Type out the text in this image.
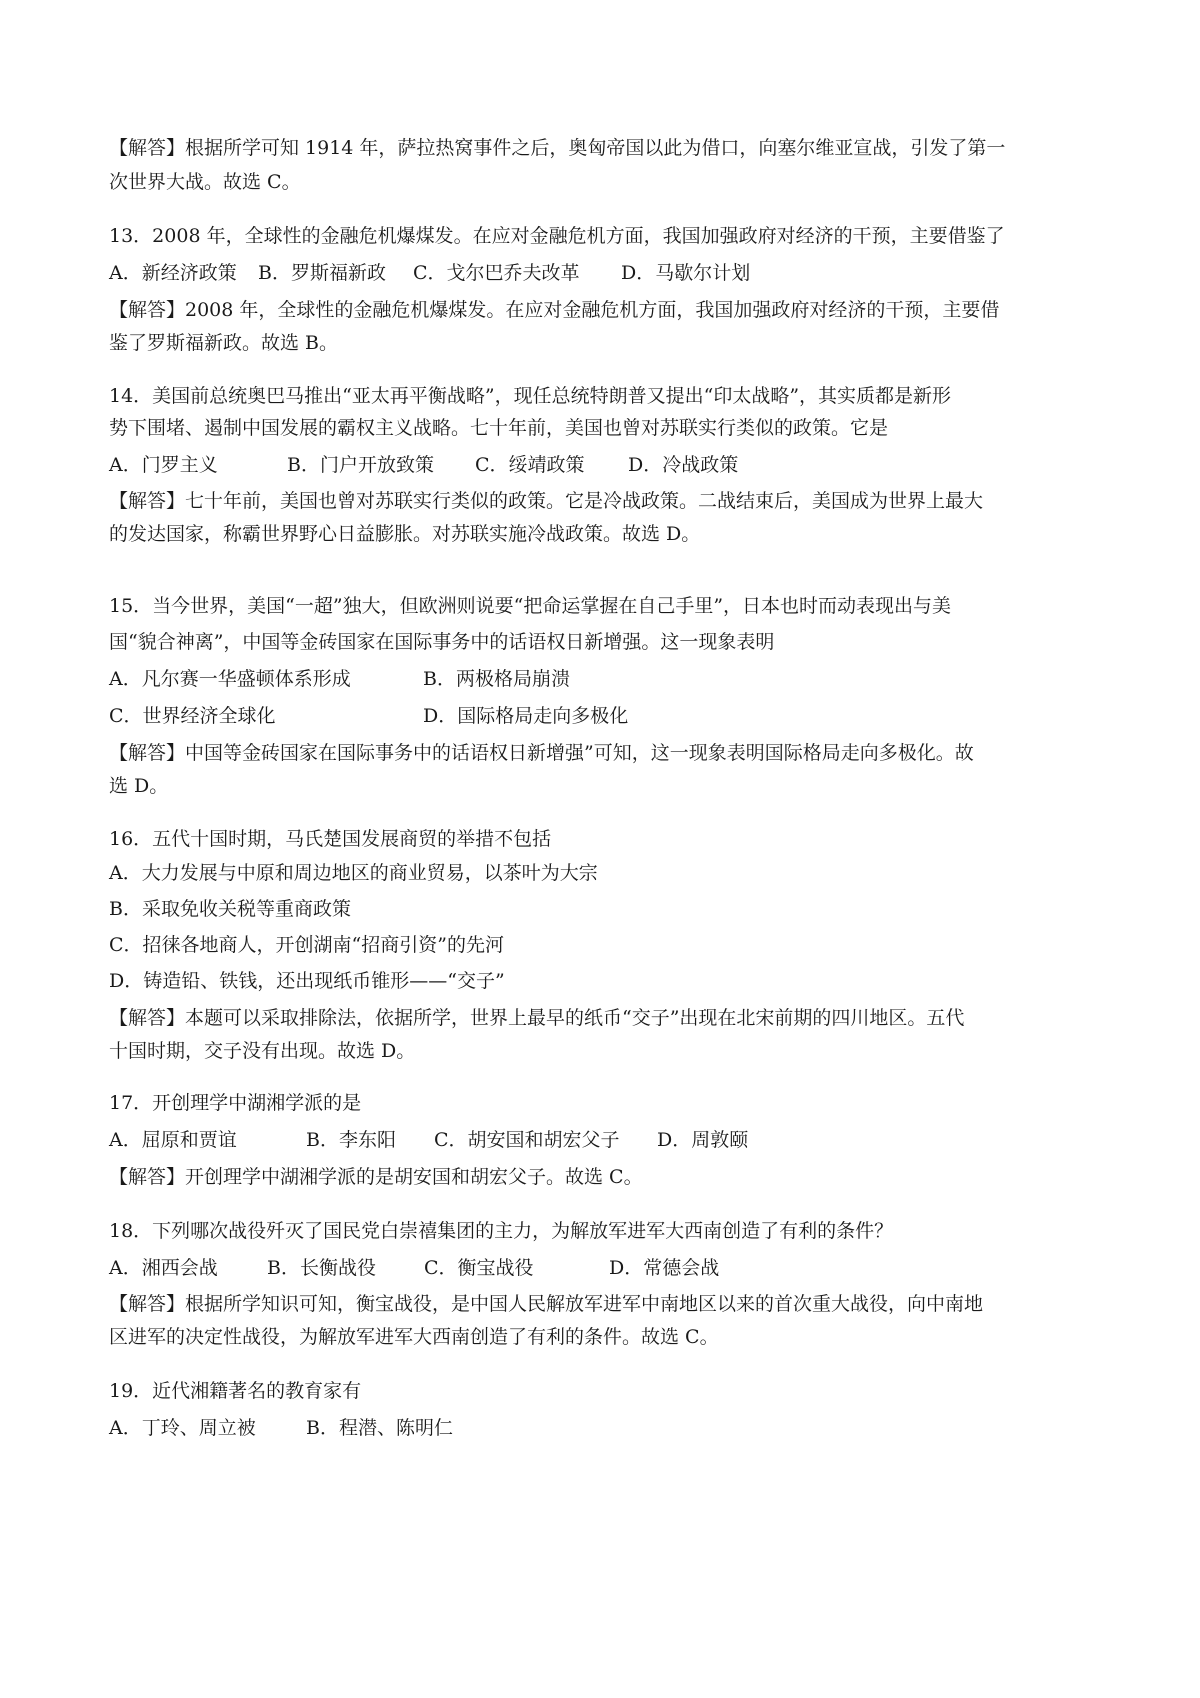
【解答】根据所学可知 1914 年，萨拉热窝事件之后，奥匈帝国以此为借口，向塞尔维亚宣战，引发了第一
次世界大战。故选 C。
13．2008 年，全球性的金融危机爆煤发。在应对金融危机方面，我国加强政府对经济的干预，主要借鉴了
A．新经济政策 B．罗斯福新政 C．戈尔巴乔夫改革 D．马歇尔计划
【解答】2008 年，全球性的金融危机爆煤发。在应对金融危机方面，我国加强政府对经济的干预，主要借
鉴了罗斯福新政。故选 B。
14．美国前总统奥巴马推出“亚太再平衡战略”，现任总统特朗普又提出“印太战略”，其实质都是新形
势下围堵、遏制中国发展的霸权主义战略。七十年前，美国也曾对苏联实行类似的政策。它是
A．门罗主义	B．门户开放致策 C．绥靖政策 D．冷战政策
【解答】七十年前，美国也曾对苏联实行类似的政策。它是冷战政策。二战结束后，美国成为世界上最大
的发达国家，称霸世界野心日益膨胀。对苏联实施冷战政策。故选 D。
15．当今世界，美国“一超”独大，但欧洲则说要“把命运掌握在自己手里”，日本也时而动表现出与美
国“貌合神离”，中国等金砖国家在国际事务中的话语权日新增强。这一现象表明
A．凡尔赛一华盛顿体系形成	B．两极格局崩溃
C．世界经济全球化	D．国际格局走向多极化
【解答】中国等金砖国家在国际事务中的话语权日新增强”可知，这一现象表明国际格局走向多极化。故
选 D。
16．五代十国时期，马氏楚国发展商贸的举措不包括
A．大力发展与中原和周边地区的商业贸易，以茶叶为大宗
B．采取免收关税等重商政策
C．招徕各地商人，开创湖南“招商引资”的先河
D．铸造铅、铁钱，还出现纸币锥形——“交子”
【解答】本题可以采取排除法，依据所学，世界上最早的纸币“交子”出现在北宋前期的四川地区。五代
十国时期，交子没有出现。故选 D。
17．开创理学中湖湘学派的是
A．屈原和贾谊	B．李东阳 C．胡安国和胡宏父子 D．周敦颐
【解答】开创理学中湖湘学派的是胡安国和胡宏父子。故选 C。
18．下列哪次战役歼灭了国民党白崇禧集团的主力，为解放军进军大西南创造了有利的条件？
A．湘西会战	B．长衡战役	C．衡宝战役	D．常德会战
【解答】根据所学知识可知，衡宝战役，是中国人民解放军进军中南地区以来的首次重大战役，向中南地
区进军的决定性战役，为解放军进军大西南创造了有利的条件。故选 C。
19．近代湘籍著名的教育家有
A．丁玲、周立被	B．程潜、陈明仁
